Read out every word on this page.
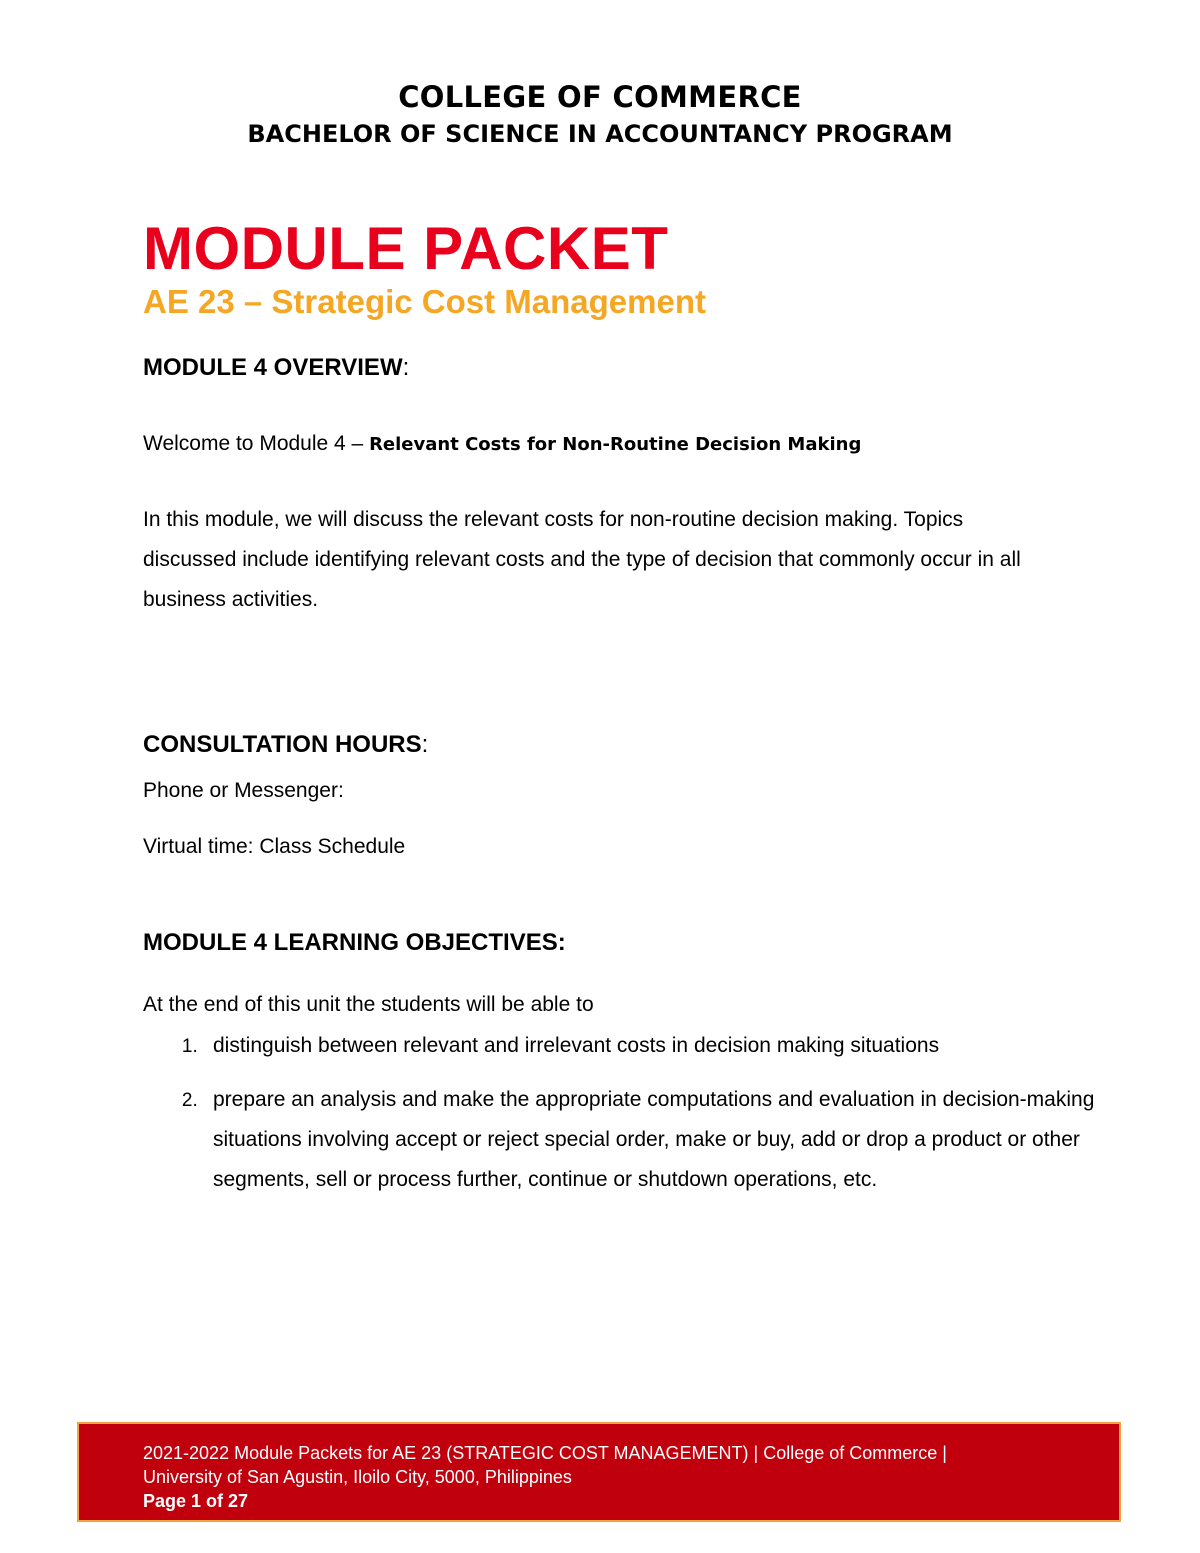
COLLEGE OF COMMERCE
BACHELOR OF SCIENCE IN ACCOUNTANCY PROGRAM
MODULE PACKET
AE 23 – Strategic Cost Management
MODULE 4 OVERVIEW:
Welcome to Module 4 – Relevant Costs for Non-Routine Decision Making
In this module, we will discuss the relevant costs for non-routine decision making. Topics discussed include identifying relevant costs and the type of decision that commonly occur in all business activities.
CONSULTATION HOURS:
Phone or Messenger:
Virtual time: Class Schedule
MODULE 4 LEARNING OBJECTIVES:
At the end of this unit the students will be able to
1. distinguish between relevant and irrelevant costs in decision making situations
2. prepare an analysis and make the appropriate computations and evaluation in decision-making situations involving accept or reject special order, make or buy, add or drop a product or other segments, sell or process further, continue or shutdown operations, etc.
2021-2022 Module Packets for AE 23 (STRATEGIC COST MANAGEMENT) | College of Commerce |
University of San Agustin, Iloilo City, 5000, Philippines
Page 1 of 27
